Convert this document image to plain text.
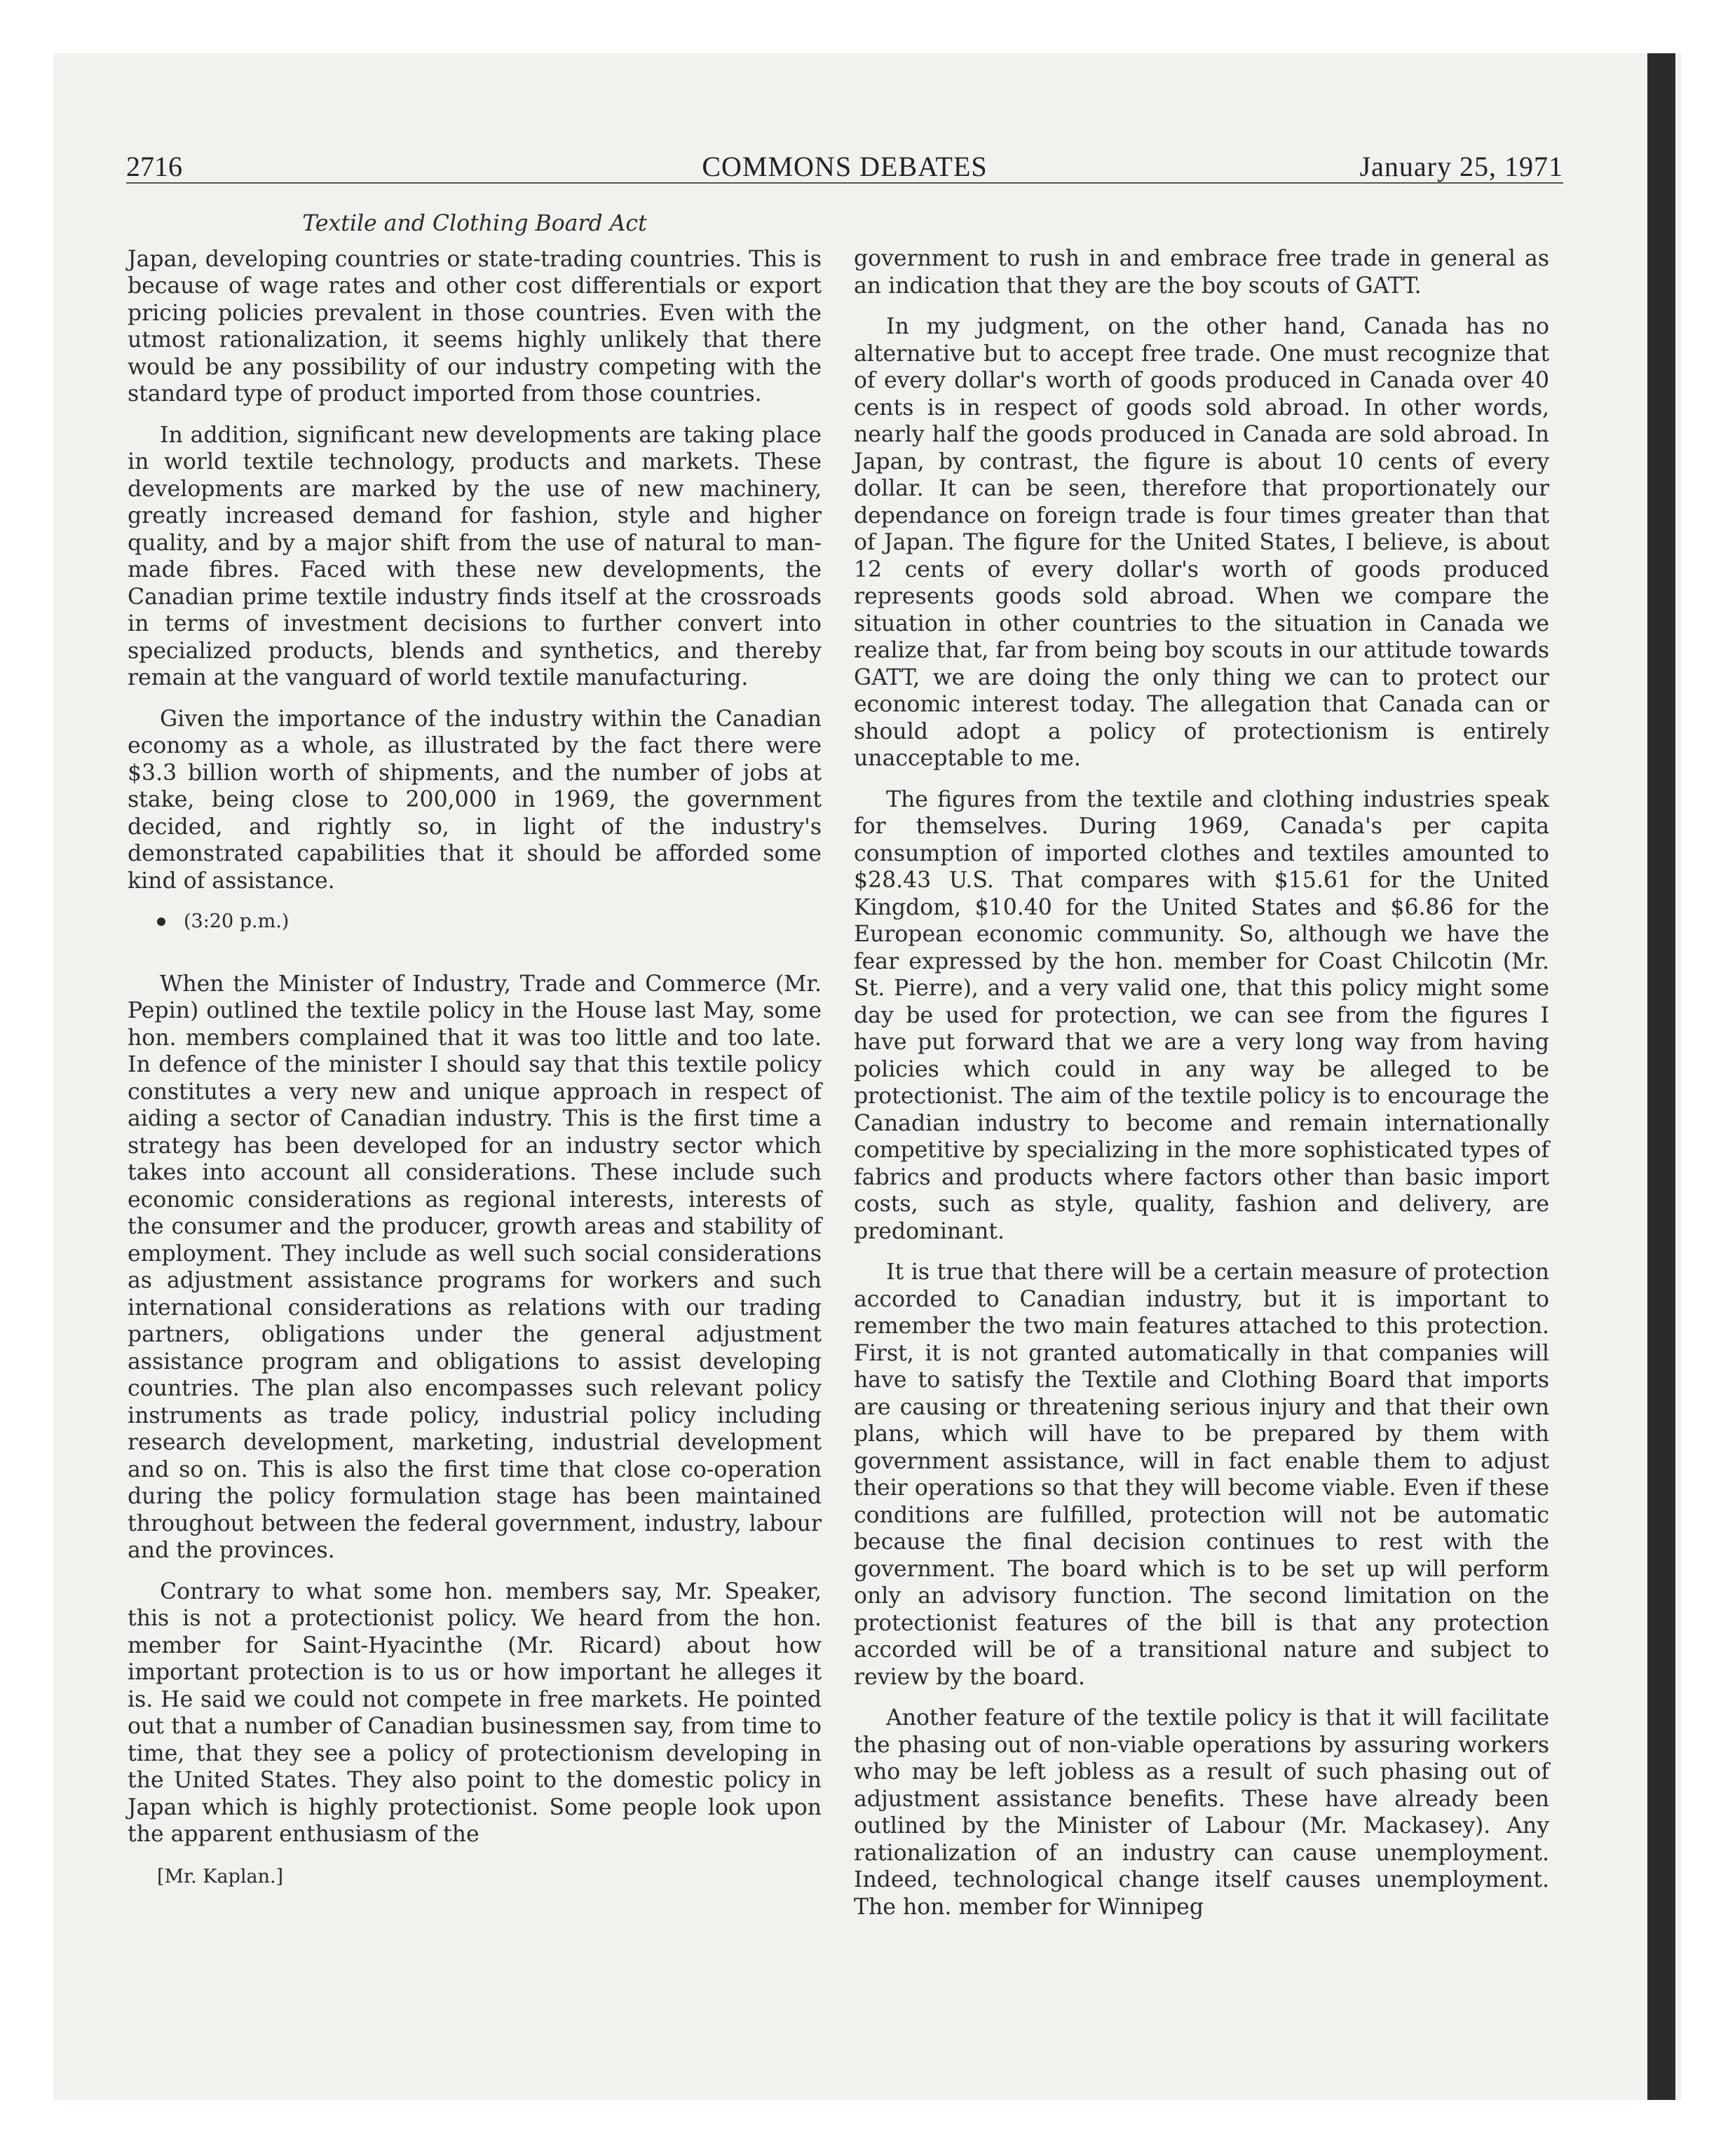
2716	COMMONS DEBATES	January 25, 1971
Textile and Clothing Board Act

Japan, developing countries or state-trading countries. This is because of wage rates and other cost differentials or export pricing policies prevalent in those countries. Even with the utmost rationalization, it seems highly unlikely that there would be any possibility of our industry competing with the standard type of product imported from those countries.

In addition, significant new developments are taking place in world textile technology, products and markets. These developments are marked by the use of new machinery, greatly increased demand for fashion, style and higher quality, and by a major shift from the use of natural to man-made fibres. Faced with these new developments, the Canadian prime textile industry finds itself at the crossroads in terms of investment decisions to further convert into specialized products, blends and synthetics, and thereby remain at the vanguard of world textile manufacturing.

Given the importance of the industry within the Canadian economy as a whole, as illustrated by the fact there were $3.3 billion worth of shipments, and the number of jobs at stake, being close to 200,000 in 1969, the government decided, and rightly so, in light of the industry's demonstrated capabilities that it should be afforded some kind of assistance.

(3:20 p.m.)

When the Minister of Industry, Trade and Commerce (Mr. Pepin) outlined the textile policy in the House last May, some hon. members complained that it was too little and too late. In defence of the minister I should say that this textile policy constitutes a very new and unique approach in respect of aiding a sector of Canadian industry. This is the first time a strategy has been developed for an industry sector which takes into account all considerations. These include such economic considerations as regional interests, interests of the consumer and the producer, growth areas and stability of employment. They include as well such social considerations as adjustment assistance programs for workers and such international considerations as relations with our trading partners, obligations under the general adjustment assistance program and obligations to assist developing countries. The plan also encompasses such relevant policy instruments as trade policy, industrial policy including research development, marketing, industrial development and so on. This is also the first time that close co-operation during the policy formulation stage has been maintained throughout between the federal government, industry, labour and the provinces.

Contrary to what some hon. members say, Mr. Speaker, this is not a protectionist policy. We heard from the hon. member for Saint-Hyacinthe (Mr. Ricard) about how important protection is to us or how important he alleges it is. He said we could not compete in free markets. He pointed out that a number of Canadian businessmen say, from time to time, that they see a policy of protectionism developing in the United States. They also point to the domestic policy in Japan which is highly protectionist. Some people look upon the apparent enthusiasm of the

[Mr. Kaplan.]

government to rush in and embrace free trade in general as an indication that they are the boy scouts of GATT.

In my judgment, on the other hand, Canada has no alternative but to accept free trade. One must recognize that of every dollar's worth of goods produced in Canada over 40 cents is in respect of goods sold abroad. In other words, nearly half the goods produced in Canada are sold abroad. In Japan, by contrast, the figure is about 10 cents of every dollar. It can be seen, therefore that proportionately our dependance on foreign trade is four times greater than that of Japan. The figure for the United States, I believe, is about 12 cents of every dollar's worth of goods produced represents goods sold abroad. When we compare the situation in other countries to the situation in Canada we realize that, far from being boy scouts in our attitude towards GATT, we are doing the only thing we can to protect our economic interest today. The allegation that Canada can or should adopt a policy of protectionism is entirely unacceptable to me.

The figures from the textile and clothing industries speak for themselves. During 1969, Canada's per capita consumption of imported clothes and textiles amounted to $28.43 U.S. That compares with $15.61 for the United Kingdom, $10.40 for the United States and $6.86 for the European economic community. So, although we have the fear expressed by the hon. member for Coast Chilcotin (Mr. St. Pierre), and a very valid one, that this policy might some day be used for protection, we can see from the figures I have put forward that we are a very long way from having policies which could in any way be alleged to be protectionist. The aim of the textile policy is to encourage the Canadian industry to become and remain internationally competitive by specializing in the more sophisticated types of fabrics and products where factors other than basic import costs, such as style, quality, fashion and delivery, are predominant.

It is true that there will be a certain measure of protection accorded to Canadian industry, but it is important to remember the two main features attached to this protection. First, it is not granted automatically in that companies will have to satisfy the Textile and Clothing Board that imports are causing or threatening serious injury and that their own plans, which will have to be prepared by them with government assistance, will in fact enable them to adjust their operations so that they will become viable. Even if these conditions are fulfilled, protection will not be automatic because the final decision continues to rest with the government. The board which is to be set up will perform only an advisory function. The second limitation on the protectionist features of the bill is that any protection accorded will be of a transitional nature and subject to review by the board.

Another feature of the textile policy is that it will facilitate the phasing out of non-viable operations by assuring workers who may be left jobless as a result of such phasing out of adjustment assistance benefits. These have already been outlined by the Minister of Labour (Mr. Mackasey). Any rationalization of an industry can cause unemployment. Indeed, technological change itself causes unemployment. The hon. member for Winnipeg
